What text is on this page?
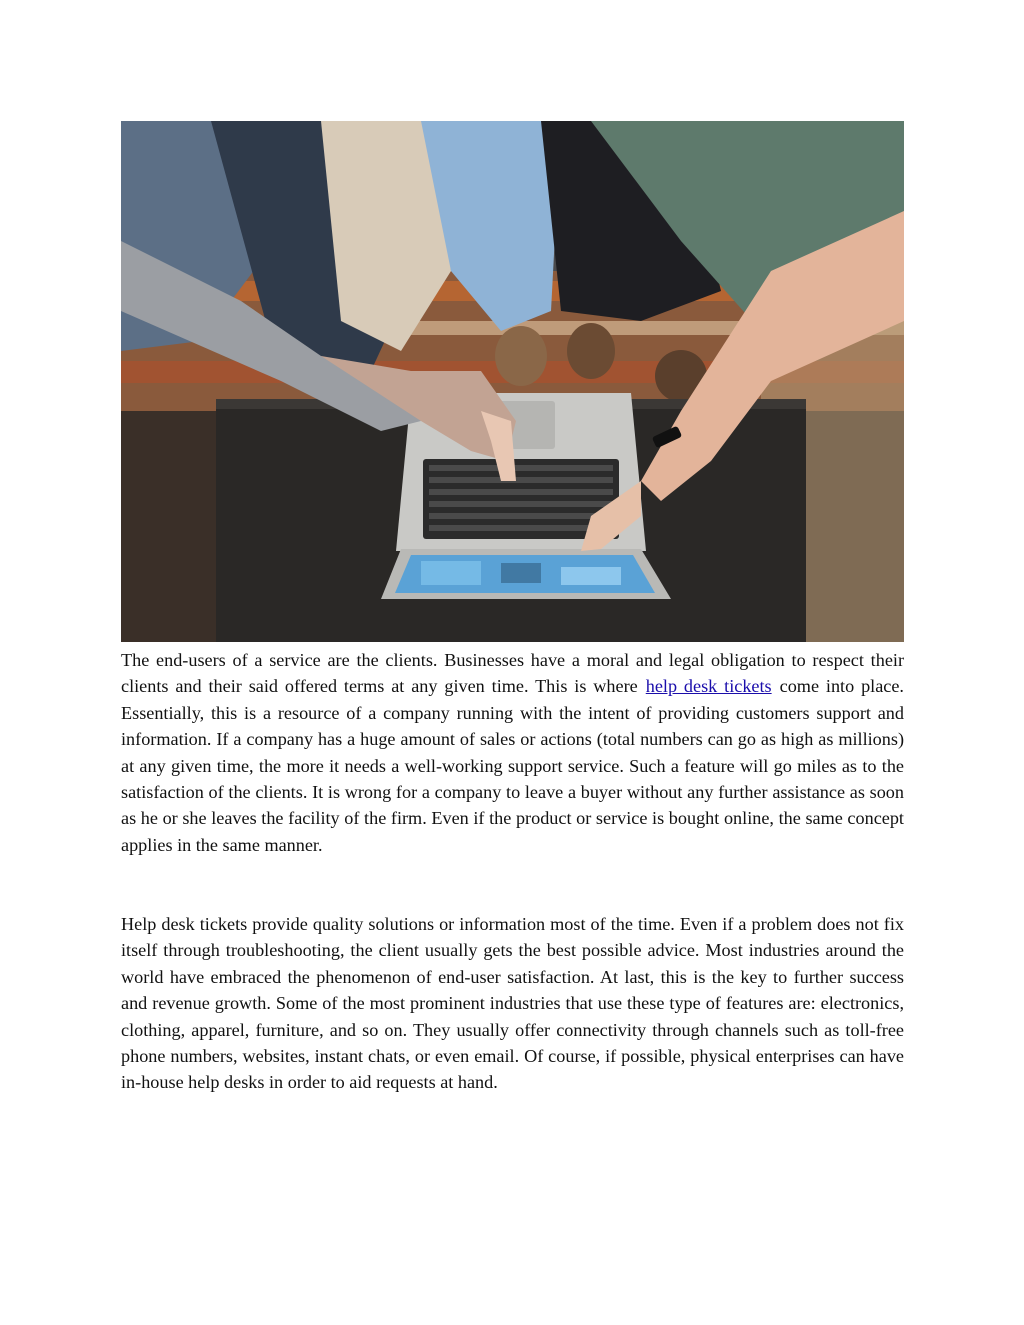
The end-users of a service are the clients. Businesses have a moral and legal obligation to respect their clients and their said offered terms at any given time. This is where help desk tickets come into place. Essentially, this is a resource of a company running with the intent of providing customers support and information. If a company has a huge amount of sales or actions (total numbers can go as high as millions) at any given time, the more it needs a well-working support service. Such a feature will go miles as to the satisfaction of the clients. It is wrong for a company to leave a buyer without any further assistance as soon as he or she leaves the facility of the firm. Even if the product or service is bought online, the same concept applies in the same manner.

Help desk tickets provide quality solutions or information most of the time. Even if a problem does not fix itself through troubleshooting, the client usually gets the best possible advice. Most industries around the world have embraced the phenomenon of end-user satisfaction. At last, this is the key to further success and revenue growth. Some of the most prominent industries that use these type of features are: electronics, clothing, apparel, furniture, and so on. They usually offer connectivity through channels such as toll-free phone numbers, websites, instant chats, or even email. Of course, if possible, physical enterprises can have in-house help desks in order to aid requests at hand.
